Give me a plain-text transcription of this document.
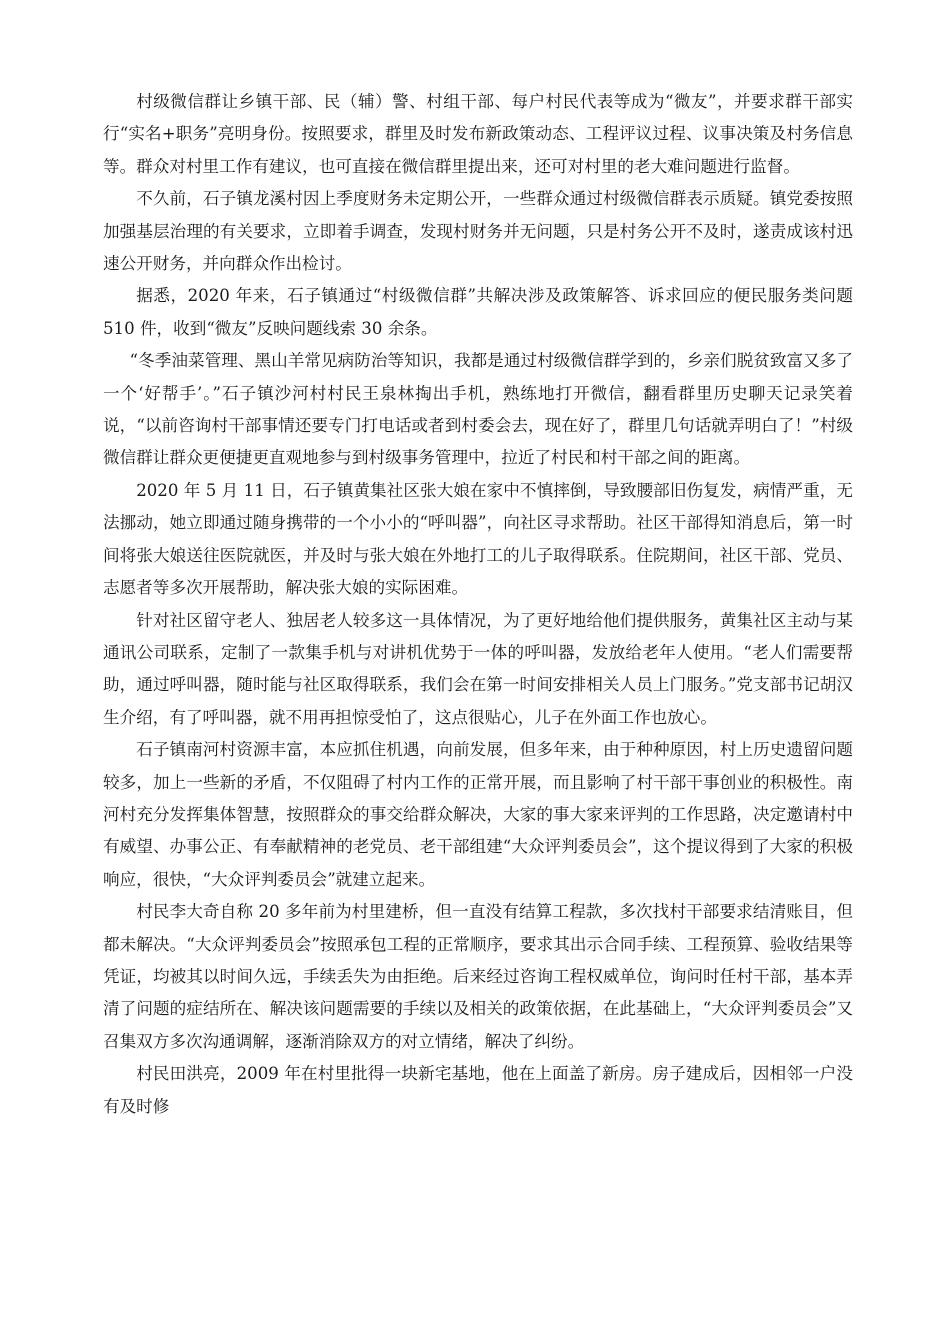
村级微信群让乡镇干部、民（辅）警、村组干部、每户村民代表等成为“微友”，并要求群干部实行“实名+职务”亮明身份。按照要求，群里及时发布新政策动态、工程评议过程、议事决策及村务信息等。群众对村里工作有建议，也可直接在微信群里提出来，还可对村里的老大难问题进行监督。

不久前，石子镇龙溪村因上季度财务未定期公开，一些群众通过村级微信群表示质疑。镇党委按照加强基层治理的有关要求，立即着手调查，发现村财务并无问题，只是村务公开不及时，遂责成该村迅速公开财务，并向群众作出检讨。

据悉，2020 年来，石子镇通过“村级微信群”共解决涉及政策解答、诉求回应的便民服务类问题 510 件，收到“微友”反映问题线索 30 余条。

“冬季油菜管理、黑山羊常见病防治等知识，我都是通过村级微信群学到的，乡亲们脱贫致富又多了一个‘好帮手’。”石子镇沙河村村民王泉林掏出手机，熟练地打开微信，翻看群里历史聊天记录笑着说，“以前咨询村干部事情还要专门打电话或者到村委会去，现在好了，群里几句话就弄明白了！”村级微信群让群众更便捷更直观地参与到村级事务管理中，拉近了村民和村干部之间的距离。

2020 年 5 月 11 日，石子镇黄集社区张大娘在家中不慎摔倒，导致腰部旧伤复发，病情严重，无法挪动，她立即通过随身携带的一个小小的“呼叫器”，向社区寻求帮助。社区干部得知消息后，第一时间将张大娘送往医院就医，并及时与张大娘在外地打工的儿子取得联系。住院期间，社区干部、党员、志愿者等多次开展帮助，解决张大娘的实际困难。

针对社区留守老人、独居老人较多这一具体情况，为了更好地给他们提供服务，黄集社区主动与某通讯公司联系，定制了一款集手机与对讲机优势于一体的呼叫器，发放给老年人使用。“老人们需要帮助，通过呼叫器，随时能与社区取得联系，我们会在第一时间安排相关人员上门服务。”党支部书记胡汉生介绍，有了呼叫器，就不用再担惊受怕了，这点很贴心，儿子在外面工作也放心。

石子镇南河村资源丰富，本应抓住机遇，向前发展，但多年来，由于种种原因，村上历史遗留问题较多，加上一些新的矛盾，不仅阻碍了村内工作的正常开展，而且影响了村干部干事创业的积极性。南河村充分发挥集体智慧，按照群众的事交给群众解决，大家的事大家来评判的工作思路，决定邀请村中有威望、办事公正、有奉献精神的老党员、老干部组建“大众评判委员会”，这个提议得到了大家的积极响应，很快，“大众评判委员会”就建立起来。

村民李大奇自称 20 多年前为村里建桥，但一直没有结算工程款，多次找村干部要求结清账目，但都未解决。“大众评判委员会”按照承包工程的正常顺序，要求其出示合同手续、工程预算、验收结果等凭证，均被其以时间久远，手续丢失为由拒绝。后来经过咨询工程权威单位，询问时任村干部，基本弄清了问题的症结所在、解决该问题需要的手续以及相关的政策依据，在此基础上，“大众评判委员会”又召集双方多次沟通调解，逐渐消除双方的对立情绪，解决了纠纷。

村民田洪亮，2009 年在村里批得一块新宅基地，他在上面盖了新房。房子建成后，因相邻一户没有及时修
